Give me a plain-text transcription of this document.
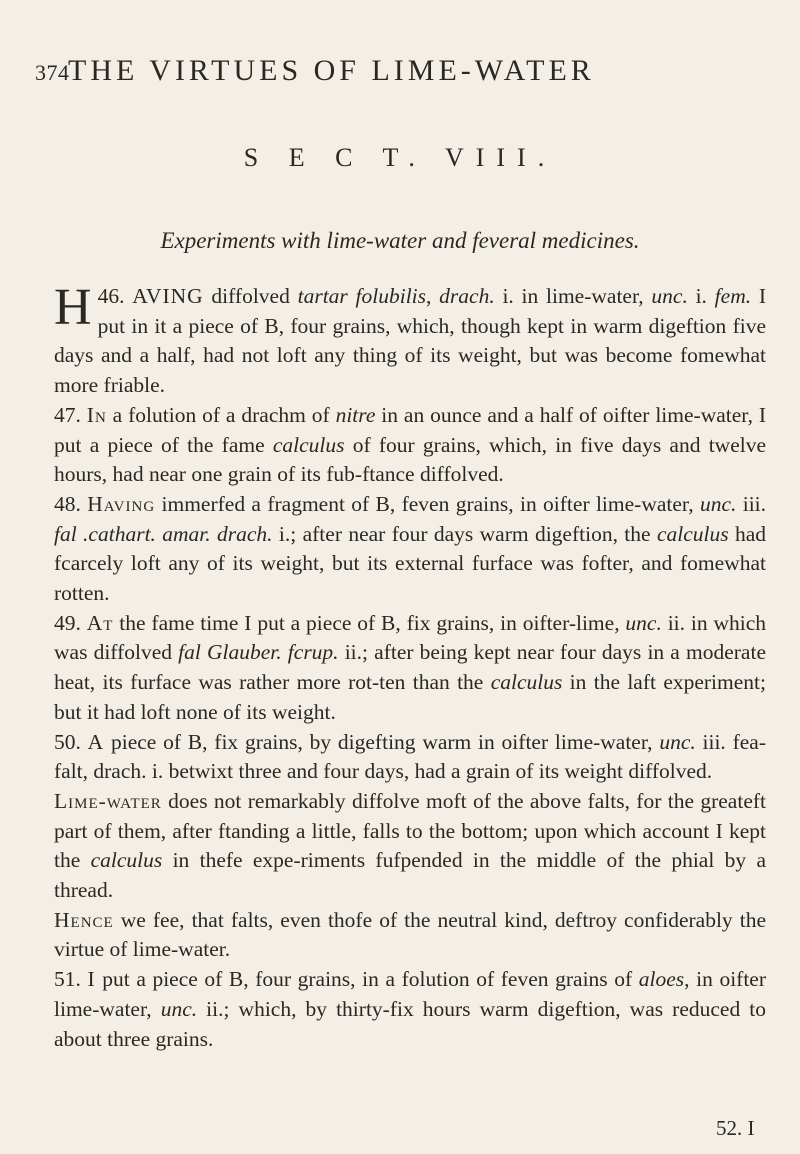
374
THE VIRTUES OF LIME-WATER
S E C T. VIII.
Experiments with lime-water and feveral medicines.

46.
H AVING diffolved tartar folubilis, drach. i. in lime-water, unc. i. fem. I put in it a piece of B, four grains, which, though kept in warm digeftion five days and a half, had not loft any thing of its weight, but was become fomewhat more friable.

47. In a folution of a drachm of nitre in an ounce and a half of oifter lime-water, I put a piece of the fame calculus of four grains, which, in five days and twelve hours, had near one grain of its fub-ftance diffolved.

48. Having immerfed a fragment of B, feven grains, in oifter lime-water, unc. iii. fal .cathart. amar. drach. i.; after near four days warm digeftion, the calculus had fcarcely loft any of its weight, but its external furface was fofter, and fomewhat rotten.

49. At the fame time I put a piece of B, fix grains, in oifter-lime, unc. ii. in which was diffolved fal Glauber. fcrup. ii.; after being kept near four days in a moderate heat, its furface was rather more rot-ten than the calculus in the laft experiment; but it had loft none of its weight.

50. A piece of B, fix grains, by digefting warm in oifter lime-water, unc. iii. fea-falt, drach. i. betwixt three and four days, had a grain of its weight diffolved.

Lime-water does not remarkably diffolve moft of the above falts, for the greateft part of them, after ftanding a little, falls to the bottom; upon which account I kept the calculus in thefe expe-riments fufpended in the middle of the phial by a thread.

Hence we fee, that falts, even thofe of the neutral kind, deftroy confiderably the virtue of lime-water.

51. I put a piece of B, four grains, in a folution of feven grains of aloes, in oifter lime-water, unc. ii.; which, by thirty-fix hours warm digeftion, was reduced to about three grains.

52. I
